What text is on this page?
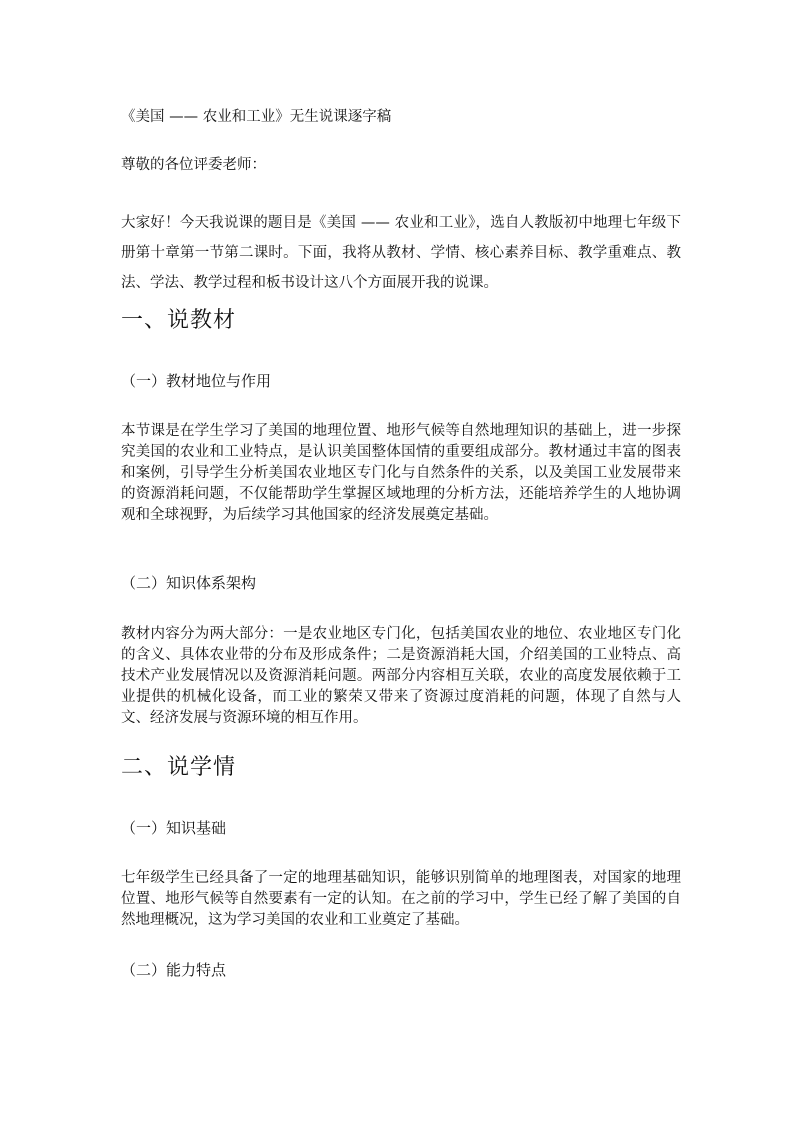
《美国 —— 农业和工业》无生说课逐字稿
尊敬的各位评委老师：

大家好！今天我说课的题目是《美国 —— 农业和工业》，选自人教版初中地理七年级下册第十章第一节第二课时。下面，我将从教材、学情、核心素养目标、教学重难点、教法、学法、教学过程和板书设计这八个方面展开我的说课。

一、说教材
（一）教材地位与作用

本节课是在学生学习了美国的地理位置、地形气候等自然地理知识的基础上，进一步探究美国的农业和工业特点，是认识美国整体国情的重要组成部分。教材通过丰富的图表和案例，引导学生分析美国农业地区专门化与自然条件的关系，以及美国工业发展带来的资源消耗问题，不仅能帮助学生掌握区域地理的分析方法，还能培养学生的人地协调观和全球视野，为后续学习其他国家的经济发展奠定基础。

（二）知识体系架构

教材内容分为两大部分：一是农业地区专门化，包括美国农业的地位、农业地区专门化的含义、具体农业带的分布及形成条件；二是资源消耗大国，介绍美国的工业特点、高技术产业发展情况以及资源消耗问题。两部分内容相互关联，农业的高度发展依赖于工业提供的机械化设备，而工业的繁荣又带来了资源过度消耗的问题，体现了自然与人文、经济发展与资源环境的相互作用。

二、说学情
（一）知识基础

七年级学生已经具备了一定的地理基础知识，能够识别简单的地理图表，对国家的地理位置、地形气候等自然要素有一定的认知。在之前的学习中，学生已经了解了美国的自然地理概况，这为学习美国的农业和工业奠定了基础。

（二）能力特点
